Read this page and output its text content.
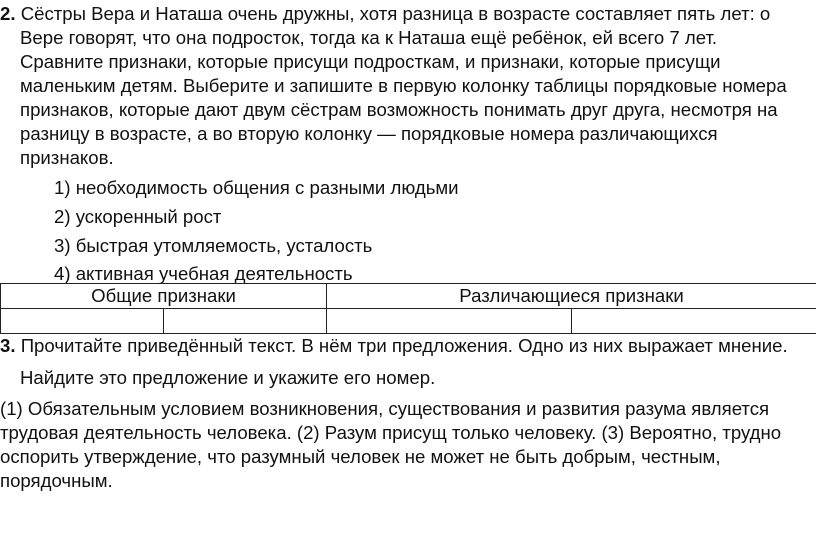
2. Сёстры Вера и Наташа очень дружны, хотя разница в возрасте составляет пять лет: о
Вере говорят, что она подросток, тогда ка к Наташа ещё ребёнок, ей всего 7 лет.
Сравните признаки, которые присущи подросткам, и признаки, которые присущи
маленьким детям. Выберите и запишите в первую колонку таблицы порядковые номера
признаков, которые дают двум сёстрам возможность понимать друг друга, несмотря на
разницу в возрасте, а во вторую колонку — порядковые номера различающихся
признаков.
1) необходимость общения с разными людьми
2) ускоренный рост
3) быстрая утомляемость, усталость
4) активная учебная деятельность
Общие признаки		Различающиеся признаки	

3. Прочитайте приведённый текст. В нём три предложения. Одно из них выражает мнение.
Найдите это предложение и укажите его номер.
(1) Обязательным условием возникновения, существования и развития разума является
трудовая деятельность человека. (2) Разум присущ только человеку. (3) Вероятно, трудно
оспорить утверждение, что разумный человек не может не быть добрым, честным,
порядочным.
